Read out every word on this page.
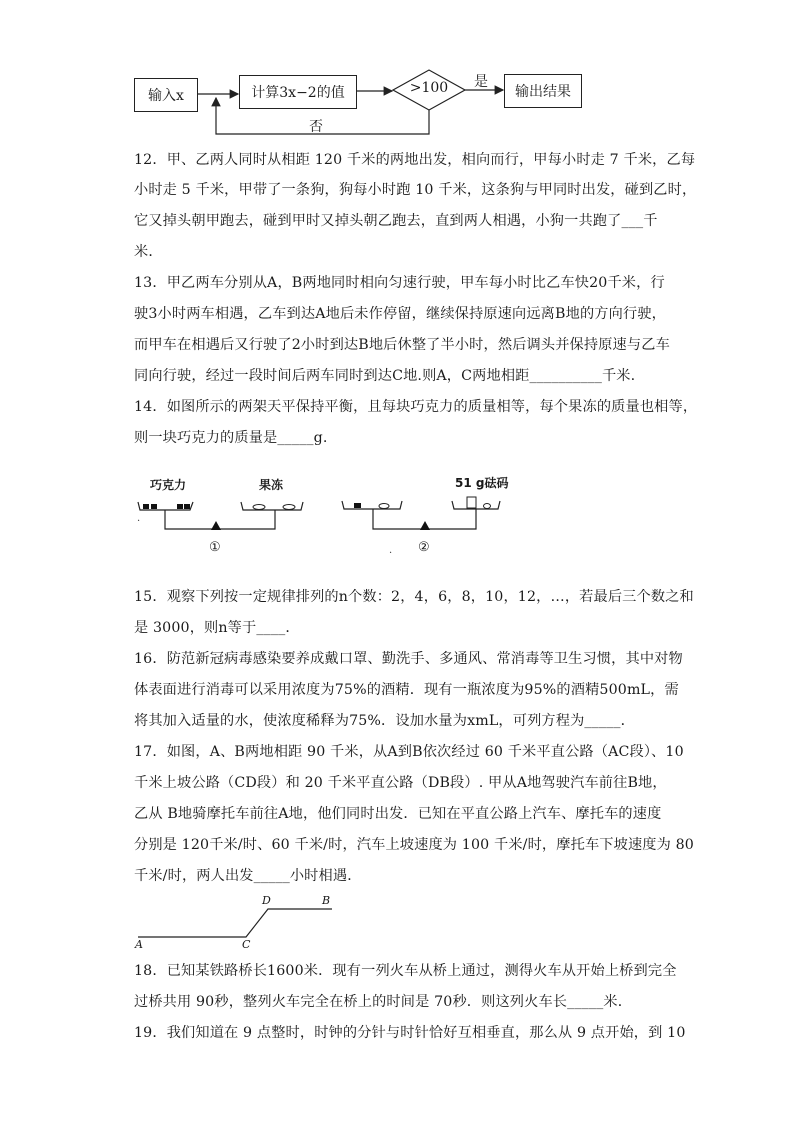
输入x	计算3x−2的值	>100 是
输出结果
否
12．甲、乙两人同时从相距 120 千米的两地出发，相向而行，甲每小时走 7 千米，乙每
小时走 5 千米，甲带了一条狗，狗每小时跑 10 千米，这条狗与甲同时出发，碰到乙时，
它又掉头朝甲跑去，碰到甲时又掉头朝乙跑去，直到两人相遇，小狗一共跑了___千
米．
13．甲乙两车分别从A，B两地同时相向匀速行驶，甲车每小时比乙车快20千米，行
驶3小时两车相遇，乙车到达A地后未作停留，继续保持原速向远离B地的方向行驶，
而甲车在相遇后又行驶了2小时到达B地后休整了半小时，然后调头并保持原速与乙车
同向行驶，经过一段时间后两车同时到达C地.则A，C两地相距__________千米.
14．如图所示的两架天平保持平衡，且每块巧克力的质量相等，每个果冻的质量也相等，
则一块巧克力的质量是_____g.
·
·
巧克力	果冻
①
51 g砝码
②
15．观察下列按一定规律排列的n个数：2，4，6，8，10，12，…，若最后三个数之和
是 3000，则n等于____．
16．防范新冠病毒感染要养成戴口罩、勤洗手、多通风、常消毒等卫生习惯，其中对物
体表面进行消毒可以采用浓度为75%的酒精．现有一瓶浓度为95%的酒精500mL，需
将其加入适量的水，使浓度稀释为75%．设加水量为xmL，可列方程为_____．
17．如图，A、B两地相距 90 千米，从A到B依次经过 60 千米平直公路（AC段）、10
千米上坡公路（CD段）和 20 千米平直公路（DB段）. 甲从A地驾驶汽车前往B地，
乙从 B地骑摩托车前往A地，他们同时出发．已知在平直公路上汽车、摩托车的速度
分别是 120千米/时、60 千米/时，汽车上坡速度为 100 千米/时，摩托车下坡速度为 80
千米/时，两人出发_____小时相遇．
A	C
D	B
18．已知某铁路桥长1600米．现有一列火车从桥上通过，测得火车从开始上桥到完全
过桥共用 90秒，整列火车完全在桥上的时间是 70秒．则这列火车长_____米．
19．我们知道在 9 点整时，时钟的分针与时针恰好互相垂直，那么从 9 点开始，到 10
